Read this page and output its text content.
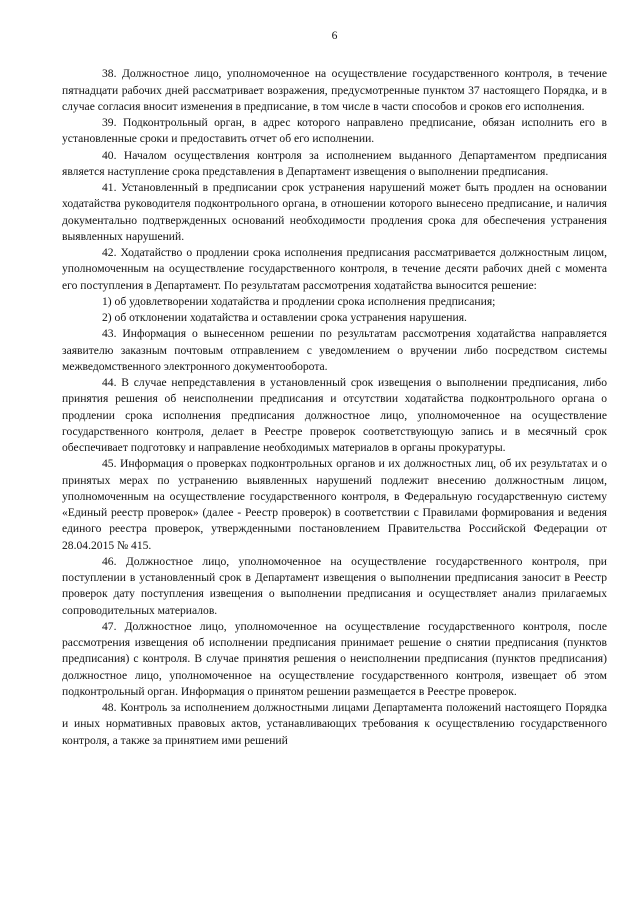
6

38. Должностное лицо, уполномоченное на осуществление государственного контроля, в течение пятнадцати рабочих дней рассматривает возражения, предусмотренные пунктом 37 настоящего Порядка, и в случае согласия вносит изменения в предписание, в том числе в части способов и сроков его исполнения.

39. Подконтрольный орган, в адрес которого направлено предписание, обязан исполнить его в установленные сроки и предоставить отчет об его исполнении.

40. Началом осуществления контроля за исполнением выданного Департаментом предписания является наступление срока представления в Департамент извещения о выполнении предписания.

41. Установленный в предписании срок устранения нарушений может быть продлен на основании ходатайства руководителя подконтрольного органа, в отношении которого вынесено предписание, и наличия документально подтвержденных оснований необходимости продления срока для обеспечения устранения выявленных нарушений.

42. Ходатайство о продлении срока исполнения предписания рассматривается должностным лицом, уполномоченным на осуществление государственного контроля, в течение десяти рабочих дней с момента его поступления в Департамент. По результатам рассмотрения ходатайства выносится решение:

1) об удовлетворении ходатайства и продлении срока исполнения предписания;

2) об отклонении ходатайства и оставлении срока устранения нарушения.

43. Информация о вынесенном решении по результатам рассмотрения ходатайства направляется заявителю заказным почтовым отправлением с уведомлением о вручении либо посредством системы межведомственного электронного документооборота.

44. В случае непредставления в установленный срок извещения о выполнении предписания, либо принятия решения об неисполнении предписания и отсутствии ходатайства подконтрольного органа о продлении срока исполнения предписания должностное лицо, уполномоченное на осуществление государственного контроля, делает в Реестре проверок соответствующую запись и в месячный срок обеспечивает подготовку и направление необходимых материалов в органы прокуратуры.

45. Информация о проверках подконтрольных органов и их должностных лиц, об их результатах и о принятых мерах по устранению выявленных нарушений подлежит внесению должностным лицом, уполномоченным на осуществление государственного контроля, в Федеральную государственную систему «Единый реестр проверок» (далее - Реестр проверок) в соответствии с Правилами формирования и ведения единого реестра проверок, утвержденными постановлением Правительства Российской Федерации от 28.04.2015 № 415.

46. Должностное лицо, уполномоченное на осуществление государственного контроля, при поступлении в установленный срок в Департамент извещения о выполнении предписания заносит в Реестр проверок дату поступления извещения о выполнении предписания и осуществляет анализ прилагаемых сопроводительных материалов.

47. Должностное лицо, уполномоченное на осуществление государственного контроля, после рассмотрения извещения об исполнении предписания принимает решение о снятии предписания (пунктов предписания) с контроля. В случае принятия решения о неисполнении предписания (пунктов предписания) должностное лицо, уполномоченное на осуществление государственного контроля, извещает об этом подконтрольный орган. Информация о принятом решении размещается в Реестре проверок.

48. Контроль за исполнением должностными лицами Департамента положений настоящего Порядка и иных нормативных правовых актов, устанавливающих требования к осуществлению государственного контроля, а также за принятием ими решений
